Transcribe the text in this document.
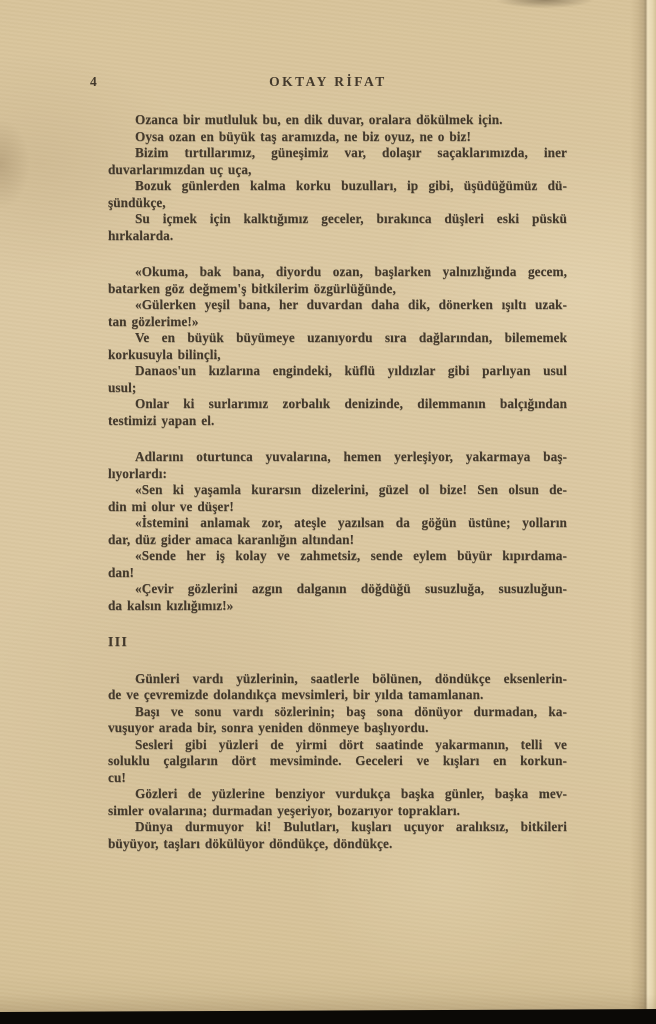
4	OKTAY RİFAT
Ozanca bir mutluluk bu, en dik duvar, oralara dökülmek için.
Oysa ozan en büyük taş aramızda, ne biz oyuz, ne o biz!
Bizim tırtıllarımız, güneşimiz var, dolaşır saçaklarımızda, iner
duvarlarımızdan uç uça,
Bozuk günlerden kalma korku buzulları, ip gibi, üşüdüğümüz dü-
şündükçe,
Su içmek için kalktığımız geceler, bırakınca düşleri eski püskü
hırkalarda.
«Okuma, bak bana, diyordu ozan, başlarken yalnızlığında gecem,
batarken göz değmem'ş bitkilerim özgürlüğünde,
«Gülerken yeşil bana, her duvardan daha dik, dönerken ışıltı uzak-
tan gözlerime!»
Ve en büyük büyümeye uzanıyordu sıra dağlarından, bilememek
korkusuyla bilinçli,
Danaos'un kızlarına engindeki, küflü yıldızlar gibi parlıyan usul
usul;
Onlar ki surlarımız zorbalık denizinde, dilemmanın balçığından
testimizi yapan el.
Adlarını oturtunca yuvalarına, hemen yerleşiyor, yakarmaya baş-
lıyorlardı:
«Sen ki yaşamla kurarsın dizelerini, güzel ol bize! Sen olsun de-
din mi olur ve düşer!
«İstemini anlamak zor, ateşle yazılsan da göğün üstüne; yolların
dar, düz gider amaca karanlığın altından!
«Sende her iş kolay ve zahmetsiz, sende eylem büyür kıpırdama-
dan!
«Çevir gözlerini azgın dalganın döğdüğü susuzluğa, susuzluğun-
da kalsın kızlığımız!»
III
Günleri vardı yüzlerinin, saatlerle bölünen, döndükçe eksenlerin-
de ve çevremizde dolandıkça mevsimleri, bir yılda tamamlanan.
Başı ve sonu vardı sözlerinin; baş sona dönüyor durmadan, ka-
vuşuyor arada bir, sonra yeniden dönmeye başlıyordu.
Sesleri gibi yüzleri de yirmi dört saatinde yakarmanın, telli ve
soluklu çalgıların dört mevsiminde. Geceleri ve kışları en korkun-
cu!
Gözleri de yüzlerine benziyor vurdukça başka günler, başka mev-
simler ovalarına; durmadan yeşeriyor, bozarıyor toprakları.
Dünya durmuyor ki! Bulutları, kuşları uçuyor aralıksız, bitkileri
büyüyor, taşları dökülüyor döndükçe, döndükçe.
